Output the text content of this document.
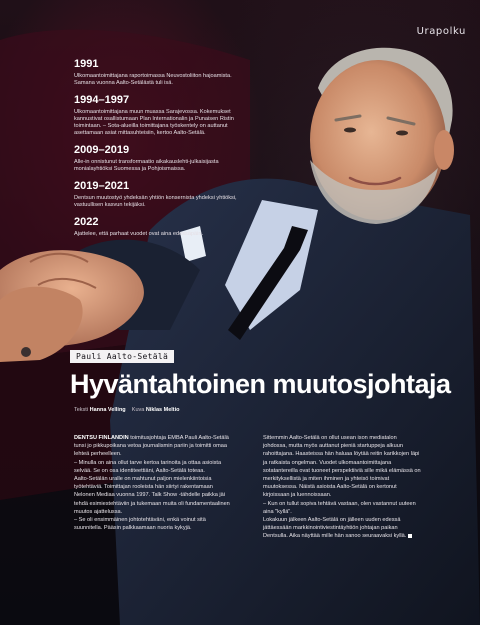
Urapolku
1991
Ulkomaantoimittajana raportoimassa Neuvostoliiton hajoamista. Samana vuonna Aalto-Setälästä tuli isä.
1994–1997
Ulkomaantoimittajana muun muassa Sarajevossa. Kokemukset kannustivat osallistumaan Plan Internationalin ja Punaisen Ristin toimintaan. – Sota-alueilla toimittajana työskentely on auttanut asettamaan asiat mittasuhteisiin, kertoo Aalto-Setälä.
2009–2019
Alle-in onnistunut transformaatio aikakauslehti-julkaisijasta monialayhtiöksi Suomessa ja Pohjoismaissa.
2019–2021
Dentsun muutostyö yhdeksän yhtiön konsernista yhdeksi yhtiöksi, vastuullisen kasvun tekijäksi.
2022
Ajattelee, että parhaat vuodet ovat aina edessäpäin.
Pauli Aalto-Setälä
Hyväntahtoinen muutosjohtaja
Teksti Hanna Velling Kuva Niklas Meltio

DENTSU FINLANDIN toimitusjohtaja EMBA Pauli Aalto-Setälä tunsi jo pikkupoikana vetoa journalismin pariin ja toimitti omaa lehteä perheelleen.

– Minulla on aina ollut tarve kertoa tarinoita ja ottaa asioista selvää. Se on osa identiteettiäni, Aalto-Setälä toteaa.

Aalto-Setälän uralle on mahtunut paljon mielenkiintoisia työtehtäviä. Toimittajan rooleista hän siirtyi rakentamaan Nelonen Mediaa vuonna 1997. Talk Show -tähdelle paikka jäi tehdä esimiestehtäviin ja tukemaan muita oli fundamentaalinen muutos ajattelussa.

– Se oli ensimmäinen johtotehtäväni, enkä voinut sitä suunnitella. Pääsin palkkaamaan nuoria kykyjä.

Sittemmin Aalto-Setälä on ollut usean ison mediatalon johdossa, mutta myös auttanut pieniä startuppeja alkuun rahoittajana. Haasteissa hän haluaa löytää reitin karikkojen läpi ja ratkaista ongelman. Vuodet ulkomaantoimittajana sotatantereilla ovat tuoneet perspektiiviä sille mikä elämässä on merkityksellistä ja miten ihminen ja yhteisö toimivat muutoksessa. Näistä asioista Aalto-Setälä on kertonut kirjoissaan ja luennoissaan.

– Kun on tullut sopiva tehtävä vastaan, olen vastannut uuteen aina "kyllä".

Lokakuun jälkeen Aalto-Setälä on jälleen uuden edessä jättäessään markkinointiviestintäyhtiön johtajan paikan Dentsulla. Aika näyttää mille hän sanoo seuraavaksi kyllä.
